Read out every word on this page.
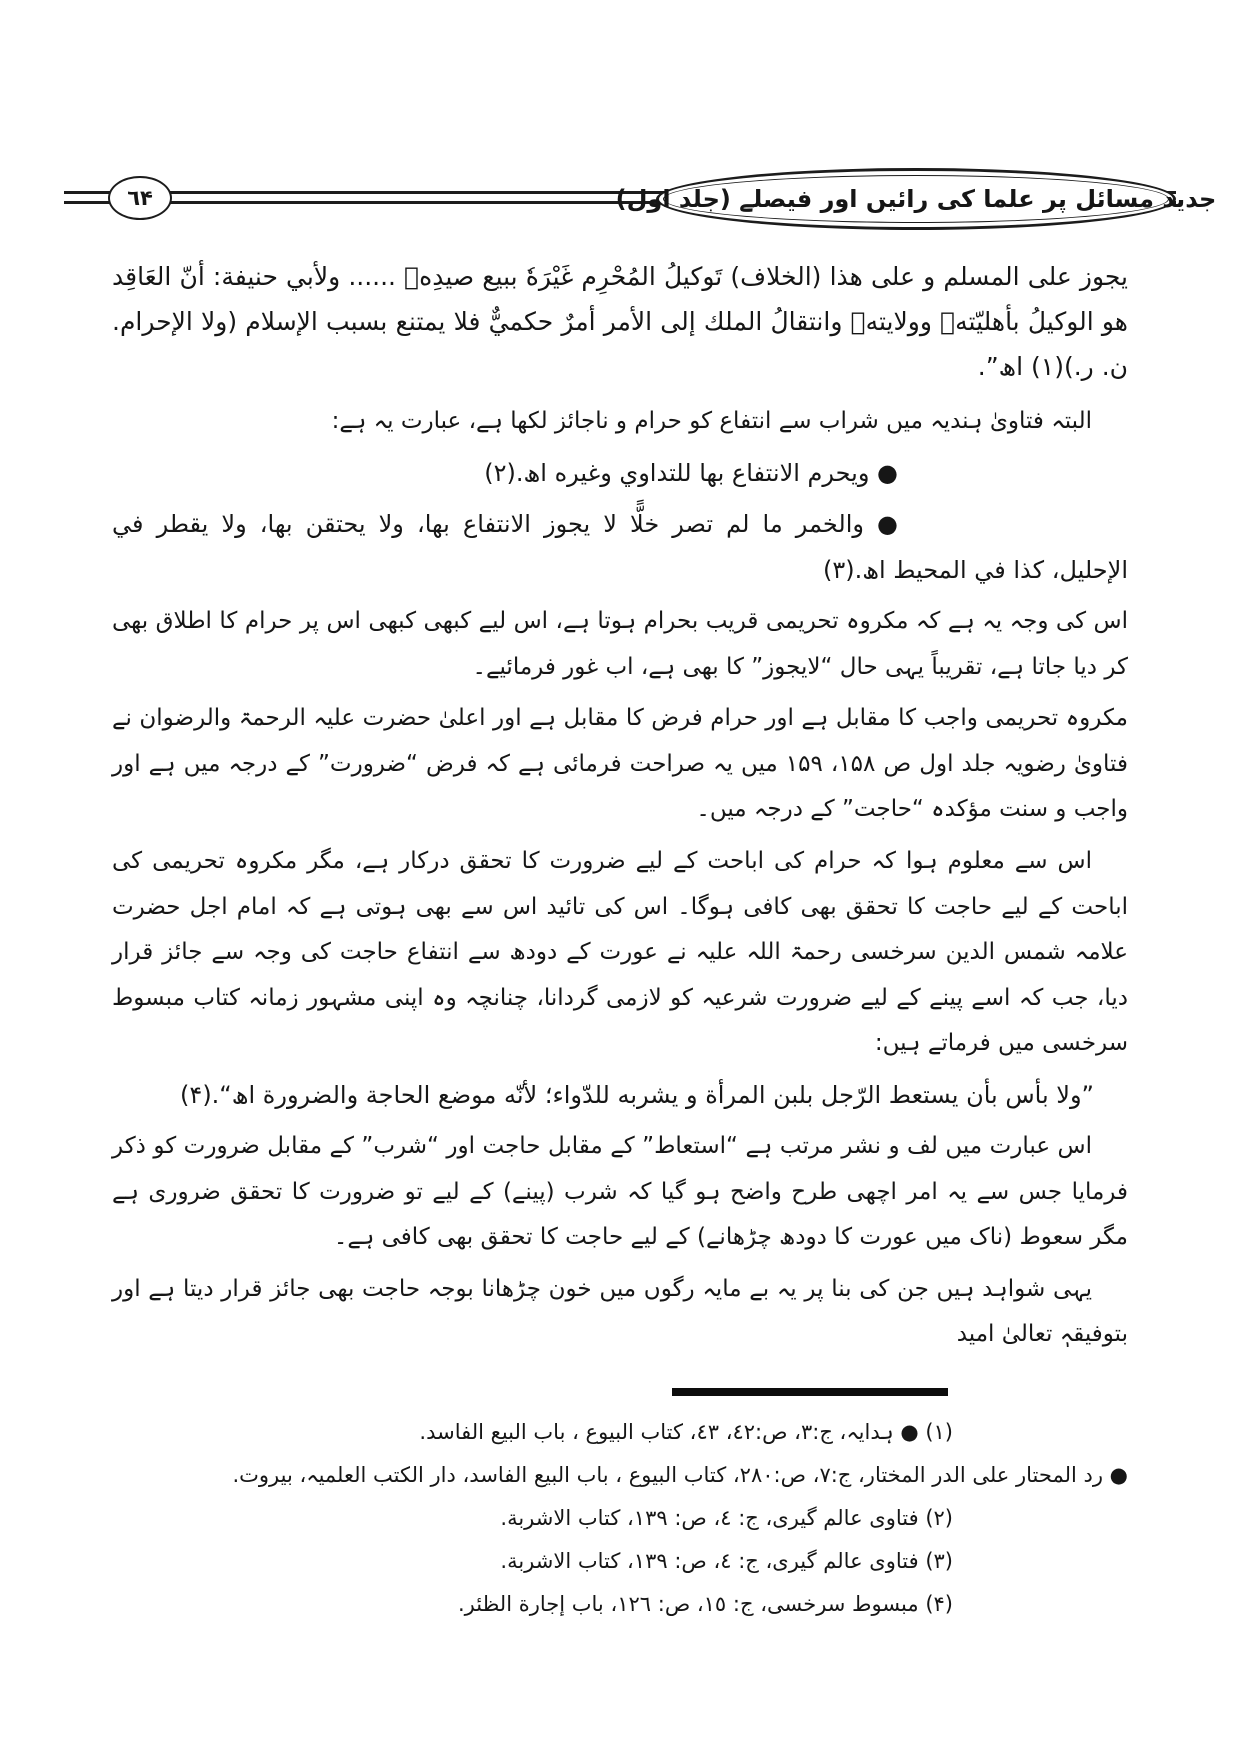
٦۴	جدید مسائل پر علما کی رائیں اور فیصلے (جلد اول)

يجوز على المسلم و على هذا (الخلاف) تَوكيلُ المُحْرِم غَيْرَهٗ ببيع صيدِهٖ ...... ولأبي حنيفة: أنّ العَاقِد هو الوكيلُ بأهليّتهٖ وولايتهٖ وانتقالُ الملك إلى الأمر أمرٌ حكميٌّ فلا يمتنع بسبب الإسلام (ولا الإحرام. ن. ر.)(١) اھ”.

البتہ فتاویٰ ہندیہ میں شراب سے انتفاع کو حرام و ناجائز لکھا ہے، عبارت یہ ہے:

● ويحرم الانتفاع بها للتداوي وغيره اھ.(٢)

● والخمر ما لم تصر خلًّا لا يجوز الانتفاع بها، ولا يحتقن بها، ولا يقطر في الإحليل، كذا في المحيط اھ.(٣)

اس کی وجہ یہ ہے کہ مکروہ تحریمی قریب بحرام ہوتا ہے، اس لیے کبھی کبھی اس پر حرام کا اطلاق بھی کر دیا جاتا ہے، تقریباً یہی حال “لایجوز” کا بھی ہے، اب غور فرمائیے۔

مکروہ تحریمی واجب کا مقابل ہے اور حرام فرض کا مقابل ہے اور اعلیٰ حضرت علیہ الرحمۃ والرضوان نے فتاویٰ رضویہ جلد اول ص ۱۵۸، ۱۵۹ میں یہ صراحت فرمائی ہے کہ فرض “ضرورت” کے درجہ میں ہے اور واجب و سنت مؤکدہ “حاجت” کے درجہ میں۔

اس سے معلوم ہوا کہ حرام کی اباحت کے لیے ضرورت کا تحقق درکار ہے، مگر مکروہ تحریمی کی اباحت کے لیے حاجت کا تحقق بھی کافی ہوگا۔ اس کی تائید اس سے بھی ہوتی ہے کہ امام اجل حضرت علامہ شمس الدین سرخسی رحمۃ اللہ علیہ نے عورت کے دودھ سے انتفاع حاجت کی وجہ سے جائز قرار دیا، جب کہ اسے پینے کے لیے ضرورت شرعیہ کو لازمی گردانا، چنانچہ وہ اپنی مشہور زمانہ کتاب مبسوط سرخسی میں فرماتے ہیں:

”ولا بأس بأن يستعط الرّجل بلبن المرأة و يشربه للدّواء؛ لأنّه موضع الحاجة والضرورة اھ“.(۴)

اس عبارت میں لف و نشر مرتب ہے “استعاط” کے مقابل حاجت اور “شرب” کے مقابل ضرورت کو ذکر فرمایا جس سے یہ امر اچھی طرح واضح ہو گیا کہ شرب (پینے) کے لیے تو ضرورت کا تحقق ضروری ہے مگر سعوط (ناک میں عورت کا دودھ چڑھانے) کے لیے حاجت کا تحقق بھی کافی ہے۔

یہی شواہد ہیں جن کی بنا پر یہ بے مایہ رگوں میں خون چڑھانا بوجہ حاجت بھی جائز قرار دیتا ہے اور بتوفیقہٖ تعالیٰ امید

(١) ● ہدایہ، ج:٣، ص:٤٢، ٤٣، کتاب البیوع ، باب البیع الفاسد.
● رد المحتار علی الدر المختار، ج:٧، ص:٢٨٠، کتاب البیوع ، باب البیع الفاسد، دار الکتب العلمیہ، بیروت.
(٢) فتاوی عالم گیری، ج: ٤، ص: ١٣٩، کتاب الاشربة.
(٣) فتاوی عالم گیری، ج: ٤، ص: ١٣٩، کتاب الاشربة.
(۴) مبسوط سرخسی، ج: ١٥، ص: ١٢٦، باب إجارة الظئر.
